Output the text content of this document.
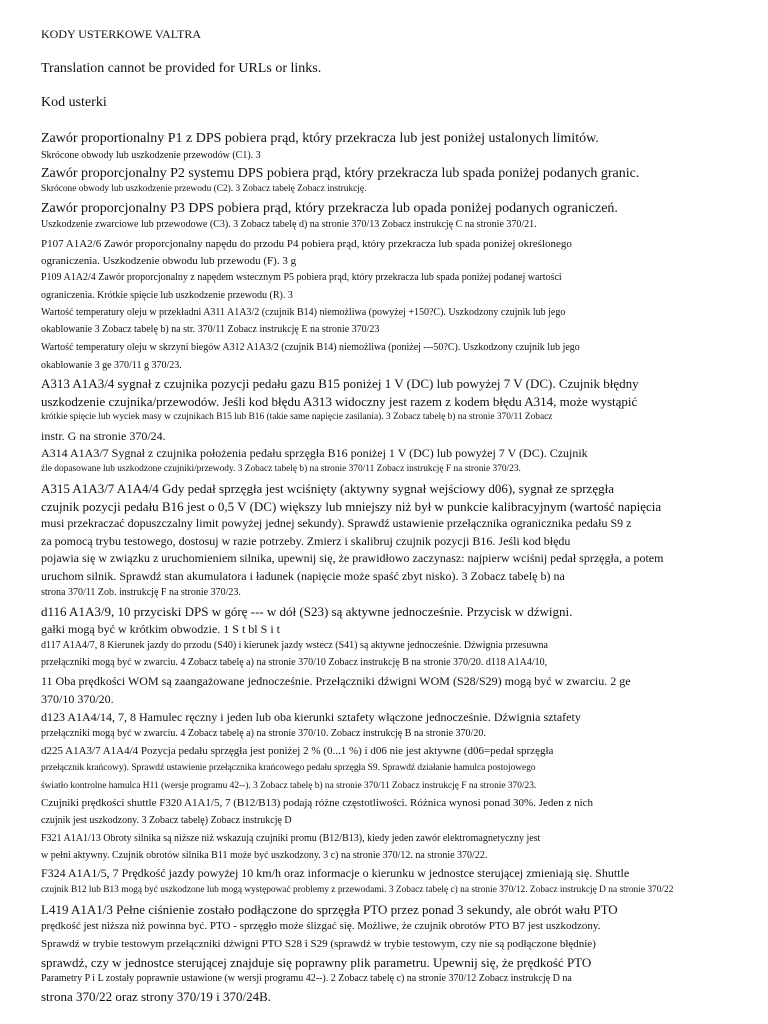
KODY USTERKOWE VALTRA
Translation cannot be provided for URLs or links.
Kod usterki
Zawór proportionalny P1 z DPS pobiera prąd, który przekracza lub jest poniżej ustalonych limitów.
Skrócone obwody lub uszkodzenie przewodów (C1). 3
Zawór proporcjonalny P2 systemu DPS pobiera prąd, który przekracza lub spada poniżej podanych granic.
Skrócone obwody lub uszkodzenie przewodu (C2). 3 Zobacz tabelę Zobacz instrukcję.
Zawór proporcjonalny P3 DPS pobiera prąd, który przekracza lub opada poniżej podanych ograniczeń.
Uszkodzenie zwarciowe lub przewodowe (C3). 3 Zobacz tabelę d) na stronie 370/13 Zobacz instrukcję C na stronie 370/21.
P107 A1A2/6 Zawór proporcjonalny napędu do przodu P4 pobiera prąd, który przekracza lub spada poniżej określonego
ograniczenia. Uszkodzenie obwodu lub przewodu (F). 3 g
P109 A1A2/4 Zawór proporcjonalny z napędem wstecznym P5 pobiera prąd, który przekracza lub spada poniżej podanej wartości
ograniczenia. Krótkie spięcie lub uszkodzenie przewodu (R). 3
Wartość temperatury oleju w przekładni A311 A1A3/2 (czujnik B14) niemożliwa (powyżej +150?C). Uszkodzony czujnik lub jego
okablowanie 3 Zobacz tabelę b) na str. 370/11 Zobacz instrukcję E na stronie 370/23
Wartość temperatury oleju w skrzyni biegów A312 A1A3/2 (czujnik B14) niemożliwa (poniżej ---50?C). Uszkodzony czujnik lub jego
okablowanie 3 ge 370/11 g 370/23.
A313 A1A3/4 sygnał z czujnika pozycji pedału gazu B15 poniżej 1 V (DC) lub powyżej 7 V (DC). Czujnik błędny
uszkodzenie czujnika/przewodów. Jeśli kod błędu A313 widoczny jest razem z kodem błędu A314, może wystąpić
krótkie spięcie lub wyciek masy w czujnikach B15 lub B16 (takie same napięcie zasilania). 3 Zobacz tabelę b) na stronie 370/11 Zobacz
instr. G na stronie 370/24.
A314 A1A3/7 Sygnał z czujnika położenia pedału sprzęgła B16 poniżej 1 V (DC) lub powyżej 7 V (DC). Czujnik
źle dopasowane lub uszkodzone czujniki/przewody. 3 Zobacz tabelę b) na stronie 370/11 Zobacz instrukcję F na stronie 370/23.
A315 A1A3/7 A1A4/4 Gdy pedał sprzęgła jest wciśnięty (aktywny sygnał wejściowy d06), sygnał ze sprzęgła
czujnik pozycji pedału B16 jest o 0,5 V (DC) większy lub mniejszy niż był w punkcie kalibracyjnym (wartość napięcia
musi przekraczać dopuszczalny limit powyżej jednej sekundy). Sprawdź ustawienie przełącznika ogranicznika pedału S9 z
za pomocą trybu testowego, dostosuj w razie potrzeby. Zmierz i skalibruj czujnik pozycji B16. Jeśli kod błędu
pojawia się w związku z uruchomieniem silnika, upewnij się, że prawidłowo zaczynasz: najpierw wciśnij pedał sprzęgła, a potem
uruchom silnik. Sprawdź stan akumulatora i ładunek (napięcie może spaść zbyt nisko). 3 Zobacz tabelę b) na
strona 370/11 Zob. instrukcję F na stronie 370/23.
d116 A1A3/9, 10 przyciski DPS w górę --- w dół (S23) są aktywne jednocześnie. Przycisk w dźwigni.
gałki mogą być w krótkim obwodzie. 1 S t bl S i t
d117 A1A4/7, 8 Kierunek jazdy do przodu (S40) i kierunek jazdy wstecz (S41) są aktywne jednocześnie. Dźwignia przesuwna
przełączniki mogą być w zwarciu. 4 Zobacz tabelę a) na stronie 370/10 Zobacz instrukcję B na stronie 370/20. d118 A1A4/10,
11 Oba prędkości WOM są zaangażowane jednocześnie. Przełączniki dźwigni WOM (S28/S29) mogą być w zwarciu. 2 ge
370/10 370/20.
d123 A1A4/14, 7, 8 Hamulec ręczny i jeden lub oba kierunki sztafety włączone jednocześnie. Dźwignia sztafety
przełączniki mogą być w zwarciu. 4 Zobacz tabelę a) na stronie 370/10. Zobacz instrukcję B na stronie 370/20.
d225 A1A3/7 A1A4/4 Pozycja pedału sprzęgła jest poniżej 2 % (0...1 %) i d06 nie jest aktywne (d06=pedał sprzęgła
przełącznik krańcowy). Sprawdź ustawienie przełącznika krańcowego pedału sprzęgła S9. Sprawdź działanie hamulca postojowego
światło kontrolne hamulca H11 (wersje programu 42--). 3 Zobacz tabelę b) na stronie 370/11 Zobacz instrukcję F na stronie 370/23.
Czujniki prędkości shuttle F320 A1A1/5, 7 (B12/B13) podają różne częstotliwości. Różnica wynosi ponad 30%. Jeden z nich
czujnik jest uszkodzony. 3 Zobacz tabelę) Zobacz instrukcję D
F321 A1A1/13 Obroty silnika są niższe niż wskazują czujniki promu (B12/B13), kiedy jeden zawór elektromagnetyczny jest
w pełni aktywny. Czujnik obrotów silnika B11 może być uszkodzony. 3 c) na stronie 370/12. na stronie 370/22.
F324 A1A1/5, 7 Prędkość jazdy powyżej 10 km/h oraz informacje o kierunku w jednostce sterującej zmieniają się. Shuttle
czujnik B12 lub B13 mogą być uszkodzone lub mogą występować problemy z przewodami. 3 Zobacz tabelę c) na stronie 370/12. Zobacz instrukcję D na stronie 370/22
L419 A1A1/3 Pełne ciśnienie zostało podłączone do sprzęgła PTO przez ponad 3 sekundy, ale obrót wału PTO
prędkość jest niższa niż powinna być. PTO - sprzęgło może ślizgać się. Możliwe, że czujnik obrotów PTO B7 jest uszkodzony.
Sprawdź w trybie testowym przełączniki dźwigni PTO S28 i S29 (sprawdź w trybie testowym, czy nie są podłączone błędnie)
sprawdź, czy w jednostce sterującej znajduje się poprawny plik parametru. Upewnij się, że prędkość PTO
Parametry P i L zostały poprawnie ustawione (w wersji programu 42--). 2 Zobacz tabelę c) na stronie 370/12 Zobacz instrukcję D na
strona 370/22 oraz strony 370/19 i 370/24B.
